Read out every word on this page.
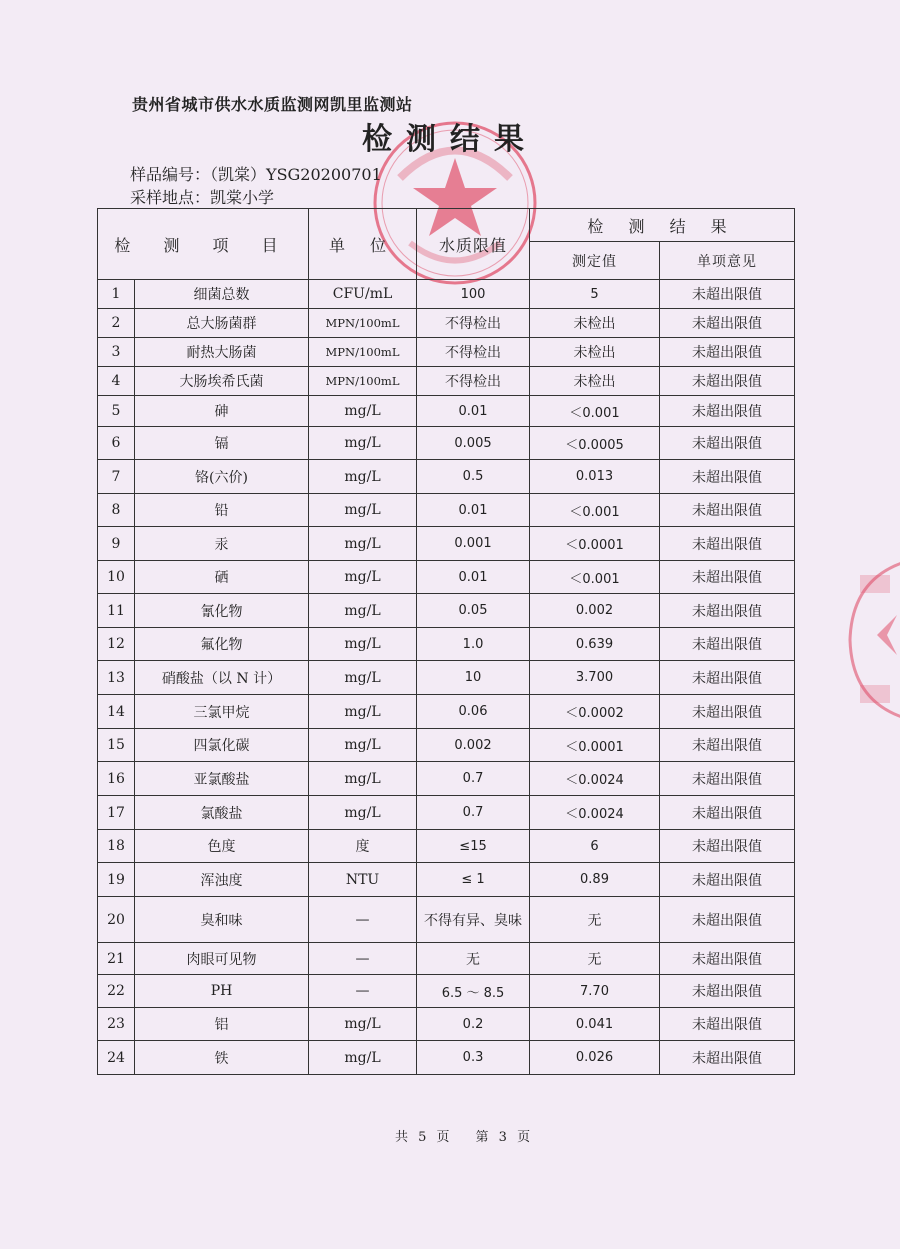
贵州省城市供水水质监测网凯里监测站
检测结果
样品编号：（凯棠）YSG20200701
采样地点：凯棠小学
检 测 项 目		单 位	水质限值	检 测 结 果	
				测定值	单项意见
1	细菌总数	CFU/mL	100	5	未超出限值
2	总大肠菌群	MPN/100mL	不得检出	未检出	未超出限值
3	耐热大肠菌	MPN/100mL	不得检出	未检出	未超出限值
4	大肠埃希氏菌	MPN/100mL	不得检出	未检出	未超出限值
5	砷	mg/L	0.01	＜0.001	未超出限值
6	镉	mg/L	0.005	＜0.0005	未超出限值
7	铬(六价)	mg/L	0.5	0.013	未超出限值
8	铅	mg/L	0.01	＜0.001	未超出限值
9	汞	mg/L	0.001	＜0.0001	未超出限值
10	硒	mg/L	0.01	＜0.001	未超出限值
11	氰化物	mg/L	0.05	0.002	未超出限值
12	氟化物	mg/L	1.0	0.639	未超出限值
13	硝酸盐（以 N 计）	mg/L	10	3.700	未超出限值
14	三氯甲烷	mg/L	0.06	＜0.0002	未超出限值
15	四氯化碳	mg/L	0.002	＜0.0001	未超出限值
16	亚氯酸盐	mg/L	0.7	＜0.0024	未超出限值
17	氯酸盐	mg/L	0.7	＜0.0024	未超出限值
18	色度	度	≤15	6	未超出限值
19	浑浊度	NTU	≤ 1	0.89	未超出限值
20	臭和味	—	不得有异、臭味	无	未超出限值
21	肉眼可见物	—	无	无	未超出限值
22	PH	—	6.5 ～ 8.5	7.70	未超出限值
23	铝	mg/L	0.2	0.041	未超出限值
24	铁	mg/L	0.3	0.026	未超出限值
共 5 页　　第 3 页
